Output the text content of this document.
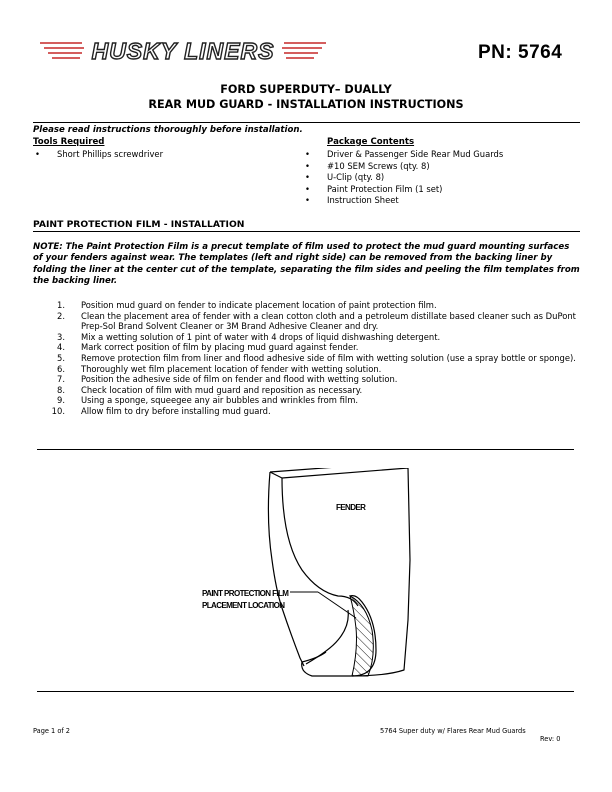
HUSKY LINERS	PN: 5764
FORD SUPERDUTY– DUALLY
REAR MUD GUARD - INSTALLATION INSTRUCTIONS
Please read instructions thoroughly before installation.
Tools Required
• Short Phillips screwdriver
Package Contents
• Driver & Passenger Side Rear Mud Guards
• #10 SEM Screws (qty. 8)
• U-Clip (qty. 8)
• Paint Protection Film (1 set)
• Instruction Sheet
PAINT PROTECTION FILM - INSTALLATION
NOTE: The Paint Protection Film is a precut template of film used to protect the mud guard mounting surfaces of your fenders against wear. The templates (left and right side) can be removed from the backing liner by folding the liner at the center cut of the template, separating the film sides and peeling the film templates from the backing liner.
1. Position mud guard on fender to indicate placement location of paint protection film.
2. Clean the placement area of fender with a clean cotton cloth and a petroleum distillate based cleaner such as DuPont Prep-Sol Brand Solvent Cleaner or 3M Brand Adhesive Cleaner and dry.
3. Mix a wetting solution of 1 pint of water with 4 drops of liquid dishwashing detergent.
4. Mark correct position of film by placing mud guard against fender.
5. Remove protection film from liner and flood adhesive side of film with wetting solution (use a spray bottle or sponge).
6. Thoroughly wet film placement location of fender with wetting solution.
7. Position the adhesive side of film on fender and flood with wetting solution.
8. Check location of film with mud guard and reposition as necessary.
9. Using a sponge, squeegee any air bubbles and wrinkles from film.
10. Allow film to dry before installing mud guard.
FENDER
PAINT PROTECTION FILM
PLACEMENT LOCATION
Page 1 of 2	5764 Super duty w/ Flares Rear Mud Guards
Rev: 0
